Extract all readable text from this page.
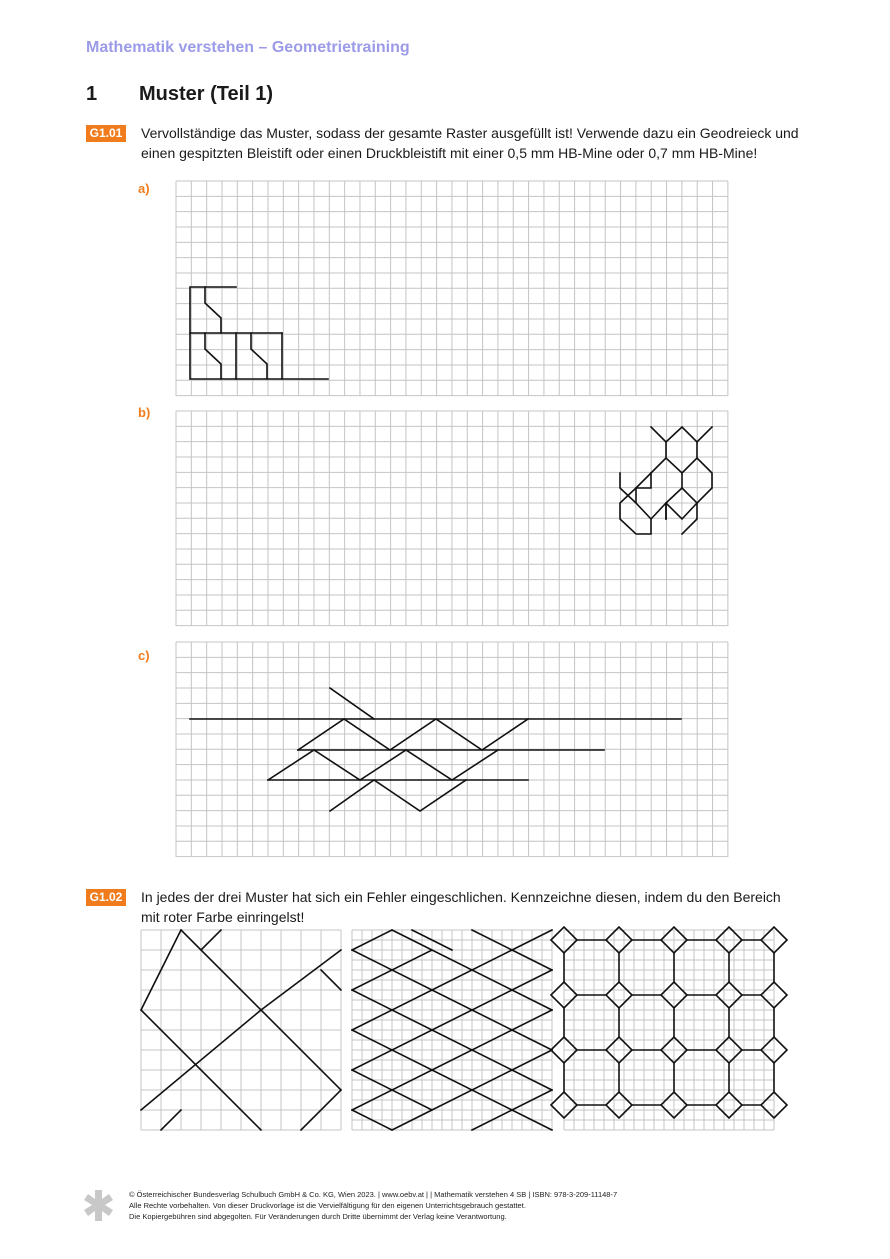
Mathematik verstehen – Geometrietraining
1 Muster (Teil 1)
G1.01 Vervollständige das Muster, sodass der gesamte Raster ausgefüllt ist! Verwende dazu ein Geodreieck und
einen gespitzten Bleistift oder einen Druckbleistift mit einer 0,5 mm HB-Mine oder 0,7 mm HB-Mine!
a)
b)
c)
G1.02 In jedes der drei Muster hat sich ein Fehler eingeschlichen. Kennzeichne diesen, indem du den Bereich
mit roter Farbe einringelst!
© Österreichischer Bundesverlag Schulbuch GmbH & Co. KG, Wien 2023. | www.oebv.at | | Mathematik verstehen 4 SB | ISBN: 978-3-209-11148-7
Alle Rechte vorbehalten. Von dieser Druckvorlage ist die Vervielfältigung für den eigenen Unterrichtsgebrauch gestattet.
Die Kopiergebühren sind abgegolten. Für Veränderungen durch Dritte übernimmt der Verlag keine Verantwortung.
